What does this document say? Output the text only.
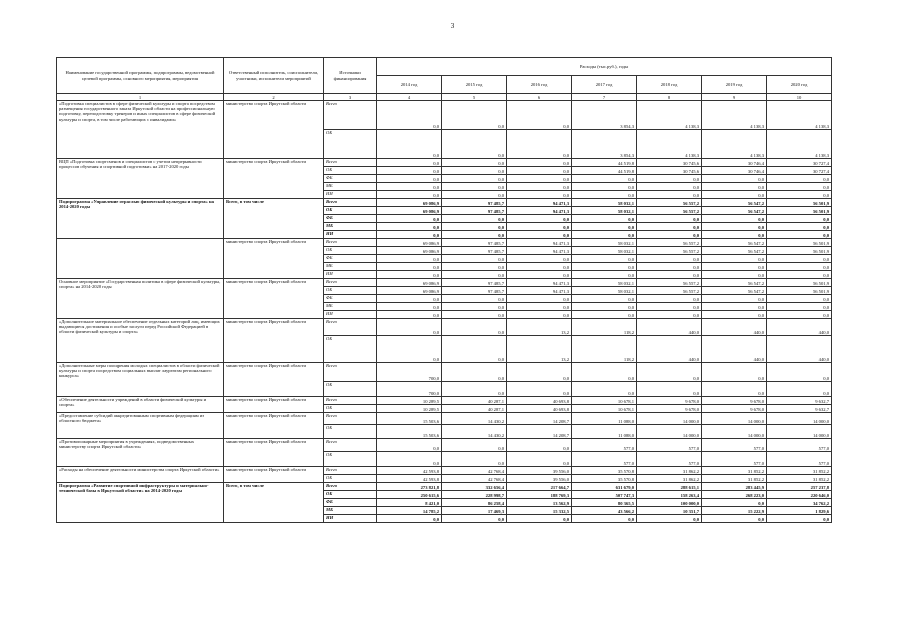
3
Наименование государственной программы, подпрограммы, ведомственной целевой программы, основного мероприятия, мероприятия	Ответственный исполнитель, соисполнители, участники, исполнители мероприятий	Источники финансирования	Расходы (тыс.руб.), годы						
			2014 год	2015 год	2016 год	2017 год	2018 год	2019 год	2020 год
1	2	3	4	5	6	7	8	9	10
«Подготовка специалистов в сфере физической культуры и спорта посредством размещения государственного заказа Иркутской области на профессиональную подготовку, переподготовку тренеров и иных специалистов в сфере физической культуры и спорта, в том числе работающих с инвалидами»	министерство спорта Иркутской области	Всего	0,0	0,0	0,0	3 854,3	4 138,3	4 138,3	4 138,3
		ОБ	0,0	0,0	0,0	3 854,3	4 138,3	4 138,3	4 138,3
ВЦП «Подготовка спортсменов и специалистов с учетом непрерывности процессов обучения и спортивной подготовки» на 2017-2020 годы	министерство спорта Иркутской области	Всего	0,0	0,0	0,0	44 519,8	30 745,6	30 746,4	30 727,4
		ОБ	0,0	0,0	0,0	44 519,8	30 745,6	30 746,4	30 727,4
		ФБ	0,0	0,0	0,0	0,0	0,0	0,0	0,0
		МБ	0,0	0,0	0,0	0,0	0,0	0,0	0,0
		ИИ	0,0	0,0	0,0	0,0	0,0	0,0	0,0
Подпрограмма «Управление отраслью физической культуры и спорта» на 2014-2020 годы	Всего, в том числе	Всего	69 086,9	97 485,7	94 471,3	58 032,1	56 557,2	56 547,2	56 501,9
		ОБ	69 086,9	97 485,7	94 471,3	58 032,1	56 557,2	56 547,2	56 501,9
		ФБ	0,0	0,0	0,0	0,0	0,0	0,0	0,0
		МБ	0,0	0,0	0,0	0,0	0,0	0,0	0,0
		ИИ	0,0	0,0	0,0	0,0	0,0	0,0	0,0
	министерство спорта Иркутской области	Всего	69 086,9	97 485,7	94 471,3	58 032,1	56 557,2	56 547,2	56 501,9
		ОБ	69 086,9	97 485,7	94 471,3	58 032,1	56 557,2	56 547,2	56 501,9
		ФБ	0,0	0,0	0,0	0,0	0,0	0,0	0,0
		МБ	0,0	0,0	0,0	0,0	0,0	0,0	0,0
		ИИ	0,0	0,0	0,0	0,0	0,0	0,0	0,0
Основное мероприятие «Государственная политика в сфере физической культуры, спорта» на 2014-2020 годы	министерство спорта Иркутской области	Всего	69 086,9	97 485,7	94 471,3	58 032,1	56 557,2	56 547,2	56 501,9
		ОБ	69 086,9	97 485,7	94 471,3	58 032,1	56 557,2	56 547,2	56 501,9
		ФБ	0,0	0,0	0,0	0,0	0,0	0,0	0,0
		МБ	0,0	0,0	0,0	0,0	0,0	0,0	0,0
		ИИ	0,0	0,0	0,0	0,0	0,0	0,0	0,0
«Дополнительное материальное обеспечение отдельных категорий лиц, имеющих выдающиеся достижения и особые заслуги перед Российской Федерацией в области физической культуры и спорта»	министерство спорта Иркутской области	Всего	0,0	0,0	13,2	118,2	440,0	440,0	440,0
		ОБ	0,0	0,0	13,2	118,2	440,0	440,0	440,0
«Дополнительные меры поощрения молодых специалистов в области физической культуры и спорта посредством социальных выплат лауреатам регионального конкурса»	министерство спорта Иркутской области	Всего	700,0	0,0	0,0	0,0	0,0	0,0	0,0
		ОБ	700,0	0,0	0,0	0,0	0,0	0,0	0,0
«Обеспечение деятельности учреждений в области физической культуры и спорта»	министерство спорта Иркутской области	Всего	10 289,5	40 287,1	40 693,8	10 678,1	9 678,0	9 678,0	9 632,7
		ОБ	10 289,5	40 287,1	40 693,8	10 678,1	9 678,0	9 678,0	9 632,7
«Предоставление субсидий аккредитованным спортивным федерациям из областного бюджета»	министерство спорта Иркутской области	Всего	15 503,6	14 430,2	14 208,7	11 088,0	14 000,0	14 000,0	14 000,0
		ОБ	15 503,6	14 430,2	14 208,7	11 088,0	14 000,0	14 000,0	14 000,0
«Противопожарные мероприятия в учреждениях, подведомственных министерству спорта Иркутской области»	министерство спорта Иркутской области	Всего	0,0	0,0	0,0	577,0	577,0	577,0	577,0
		ОБ	0,0	0,0	0,0	577,0	577,0	577,0	577,0
«Расходы на обеспечение деятельности министерства спорта Иркутской области»	министерство спорта Иркутской области	Всего	42 593,8	42 768,4	39 556,0	35 570,8	31 862,2	31 852,2	31 852,2
		ОБ	42 593,8	42 768,4	39 556,0	35 570,8	31 862,2	31 852,2	31 852,2
Подпрограмма «Развитие спортивной инфраструктуры и материально-технической базы в Иркутской области» на 2014-2020 годы	Всего, в том числе	Всего	273 821,8	332 656,4	217 664,7	631 679,0	288 615,1	283 445,9	257 237,8
		ОБ	250 615,6	228 998,7	188 769,3	507 747,3	158 263,4	268 223,0	220 646,0
		ФБ	8 421,0	86 258,4	13 562,9	80 365,5	100 000,0	0,0	34 762,2
		МБ	14 785,2	17 469,3	15 332,5	43 566,2	10 351,7	15 222,9	1 829,6
		ИИ	0,0	0,0	0,0	0,0	0,0	0,0	0,0
